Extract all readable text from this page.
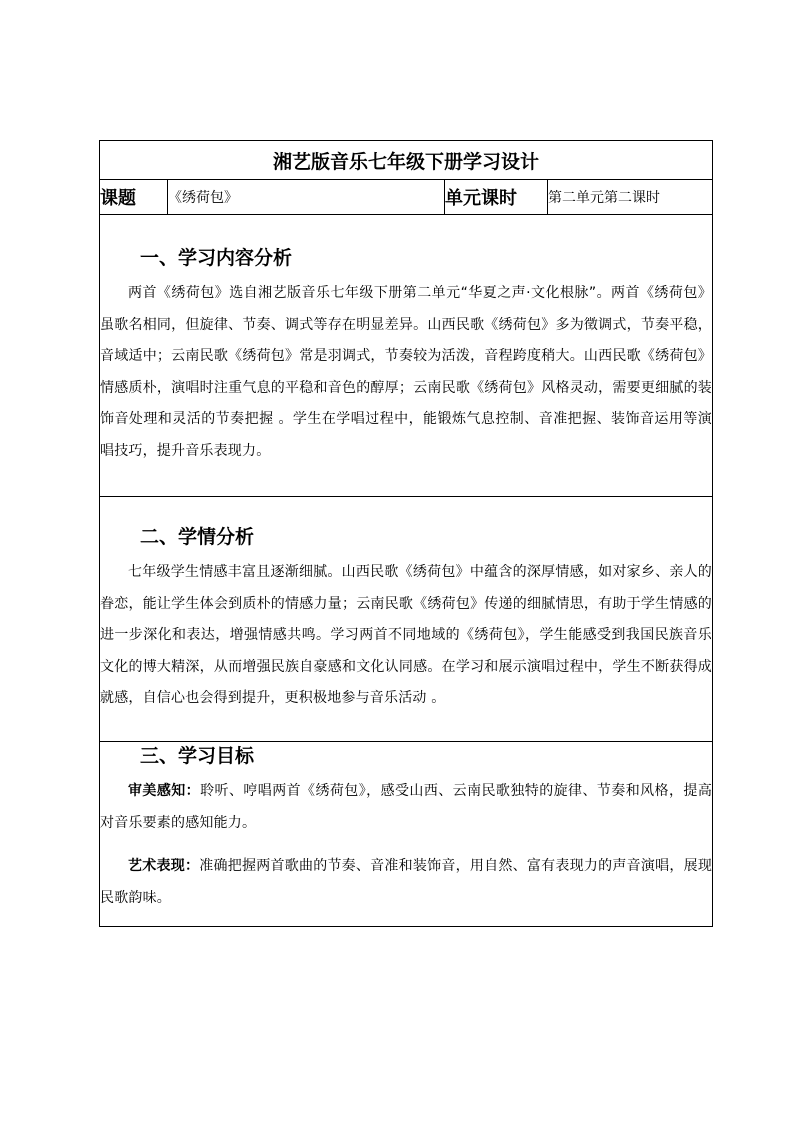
湘艺版音乐七年级下册学习设计
课题	《绣荷包》	单元课时	第二单元第二课时

一、学习内容分析

两首《绣荷包》选自湘艺版音乐七年级下册第二单元“华夏之声·文化根脉”。两首《绣荷包》虽歌名相同，但旋律、节奏、调式等存在明显差异。山西民歌《绣荷包》多为徵调式，节奏平稳，音域适中；云南民歌《绣荷包》常是羽调式，节奏较为活泼，音程跨度稍大。山西民歌《绣荷包》情感质朴，演唱时注重气息的平稳和音色的醇厚；云南民歌《绣荷包》风格灵动，需要更细腻的装饰音处理和灵活的节奏把握 。学生在学唱过程中，能锻炼气息控制、音准把握、装饰音运用等演唱技巧，提升音乐表现力。

二、学情分析

七年级学生情感丰富且逐渐细腻。山西民歌《绣荷包》中蕴含的深厚情感，如对家乡、亲人的眷恋，能让学生体会到质朴的情感力量；云南民歌《绣荷包》传递的细腻情思，有助于学生情感的进一步深化和表达，增强情感共鸣。学习两首不同地域的《绣荷包》，学生能感受到我国民族音乐文化的博大精深，从而增强民族自豪感和文化认同感。在学习和展示演唱过程中，学生不断获得成就感，自信心也会得到提升，更积极地参与音乐活动 。

三、学习目标

审美感知：聆听、哼唱两首《绣荷包》，感受山西、云南民歌独特的旋律、节奏和风格，提高对音乐要素的感知能力。

艺术表现：准确把握两首歌曲的节奏、音准和装饰音，用自然、富有表现力的声音演唱，展现民歌韵味。
